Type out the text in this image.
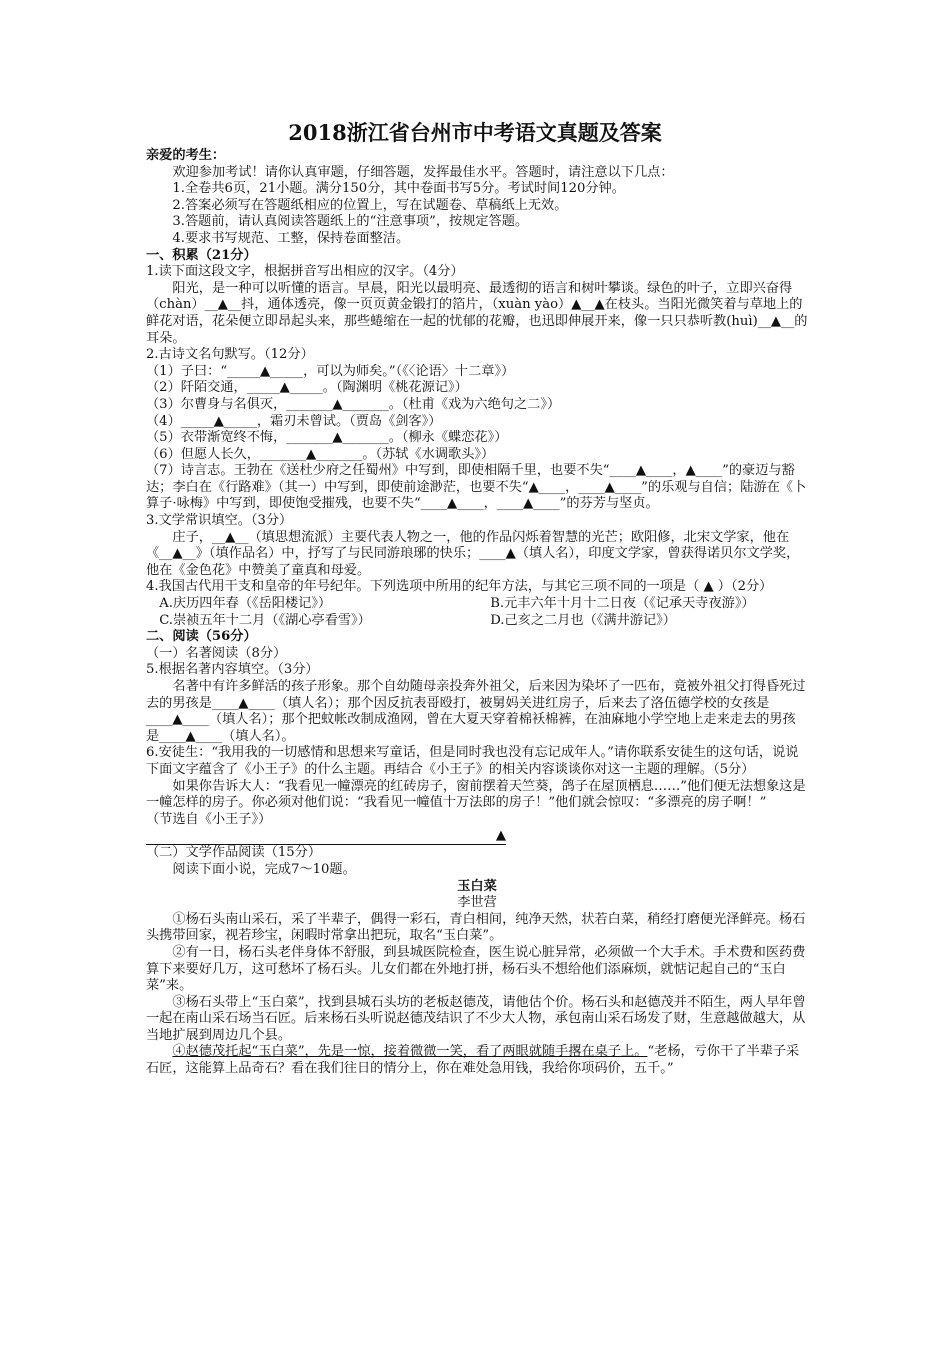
2018浙江省台州市中考语文真题及答案

亲爱的考生：

欢迎参加考试！请你认真审题，仔细答题，发挥最佳水平。答题时，请注意以下几点：

1.全卷共6页，21小题。满分150分，其中卷面书写5分。考试时间120分钟。

2.答案必须写在答题纸相应的位置上，写在试题卷、草稿纸上无效。

3.答题前，请认真阅读答题纸上的“注意事项”，按规定答题。

4.要求书写规范、工整，保持卷面整洁。

一、积累（21分）

1.读下面这段文字，根据拼音写出相应的汉字。（4分）

阳光，是一种可以听懂的语言。早晨，阳光以最明亮、最透彻的语言和树叶攀谈。绿色的叶子，立即兴奋得（chàn）__▲__抖，通体透亮，像一页页黄金锻打的箔片，（xuàn yào）▲__▲在枝头。当阳光微笑着与草地上的鲜花对语，花朵便立即昂起头来，那些蜷缩在一起的忧郁的花瓣，也迅即伸展开来，像一只只恭听教(huì)__▲__的耳朵。

2.古诗文名句默写。（12分）

（1）子曰：“_____▲_____，可以为师矣。”（《〈论语〉十二章》）

（2）阡陌交通，_____▲_____。（陶渊明《桃花源记》）

（3）尔曹身与名俱灭，_______▲_______。（杜甫《戏为六绝句之二》）

（4）_____▲_____，霜刃未曾试。（贾岛《剑客》）

（5）衣带渐宽终不悔，_______▲_______。（柳永《蝶恋花》）

（6）但愿人长久，_______▲_______。（苏轼《水调歌头》）

（7）诗言志。王勃在《送杜少府之任蜀州》中写到，即使相隔千里，也要不失“____▲____，▲____”的豪迈与豁达；李白在《行路难》（其一）中写到，即使前途渺茫，也要不失“▲____，____▲____”的乐观与自信；陆游在《卜算子·咏梅》中写到，即使饱受摧残，也要不失“____▲____，____▲____”的芬芳与坚贞。

3.文学常识填空。（3分）

庄子，__▲__（填思想流派）主要代表人物之一，他的作品闪烁着智慧的光芒；欧阳修，北宋文学家，他在《__▲__》（填作品名）中，抒写了与民同游琅琊的快乐；____▲（填人名），印度文学家，曾获得诺贝尔文学奖，他在《金色花》中赞美了童真和母爱。

4.我国古代用干支和皇帝的年号纪年。下列选项中所用的纪年方法，与其它三项不同的一项是（ ▲ ）（2分）

A.庆历四年春（《岳阳楼记》）	B.元丰六年十月十二日夜（《记承天寺夜游》）
C.崇祯五年十二月（《湖心亭看雪》）	D.己亥之二月也（《满井游记》）

二、阅读（56分）

（一）名著阅读（8分）

5.根据名著内容填空。（3分）

名著中有许多鲜活的孩子形象。那个自幼随母亲投奔外祖父，后来因为染坏了一匹布，竟被外祖父打得昏死过去的男孩是____▲____（填人名）；那个因反抗表哥殴打，被舅妈关进红房子，后来去了洛伍德学校的女孩是____▲____（填人名）；那个把蚊帐改制成渔网，曾在大夏天穿着棉袄棉裤，在油麻地小学空地上走来走去的男孩是____▲____（填人名）。

6.安徒生：“我用我的一切感情和思想来写童话，但是同时我也没有忘记成年人。”请你联系安徒生的这句话，说说下面文字蕴含了《小王子》的什么主题。再结合《小王子》的相关内容谈谈你对这一主题的理解。（5分）

如果你告诉大人：“我看见一幢漂亮的红砖房子，窗前摆着天竺葵，鸽子在屋顶栖息……”他们便无法想象这是一幢怎样的房子。你必须对他们说：“我看见一幢值十万法郎的房子！”他们就会惊叹：“多漂亮的房子啊！”

（节选自《小王子》）

▲

（二）文学作品阅读（15分）

阅读下面小说，完成7～10题。

玉白菜

李世营

①杨石头南山采石，采了半辈子，偶得一彩石，青白相间，纯净天然，状若白菜，稍经打磨便光泽鲜亮。杨石头携带回家，视若珍宝，闲暇时常拿出把玩，取名“玉白菜”。

②有一日，杨石头老伴身体不舒服，到县城医院检查，医生说心脏异常，必须做一个大手术。手术费和医药费算下来要好几万，这可愁坏了杨石头。儿女们都在外地打拼，杨石头不想给他们添麻烦，就惦记起自己的“玉白菜”来。

③杨石头带上“玉白菜”，找到县城石头坊的老板赵德茂，请他估个价。杨石头和赵德茂并不陌生，两人早年曾一起在南山采石场当石匠。后来杨石头听说赵德茂结识了不少大人物，承包南山采石场发了财，生意越做越大，从当地扩展到周边几个县。

④赵德茂托起“玉白菜”，先是一惊，接着微微一笑，看了两眼就随手撂在桌子上。“老杨，亏你干了半辈子采石匠，这能算上品奇石？看在我们往日的情分上，你在难处急用钱，我给你项码价，五千。”
